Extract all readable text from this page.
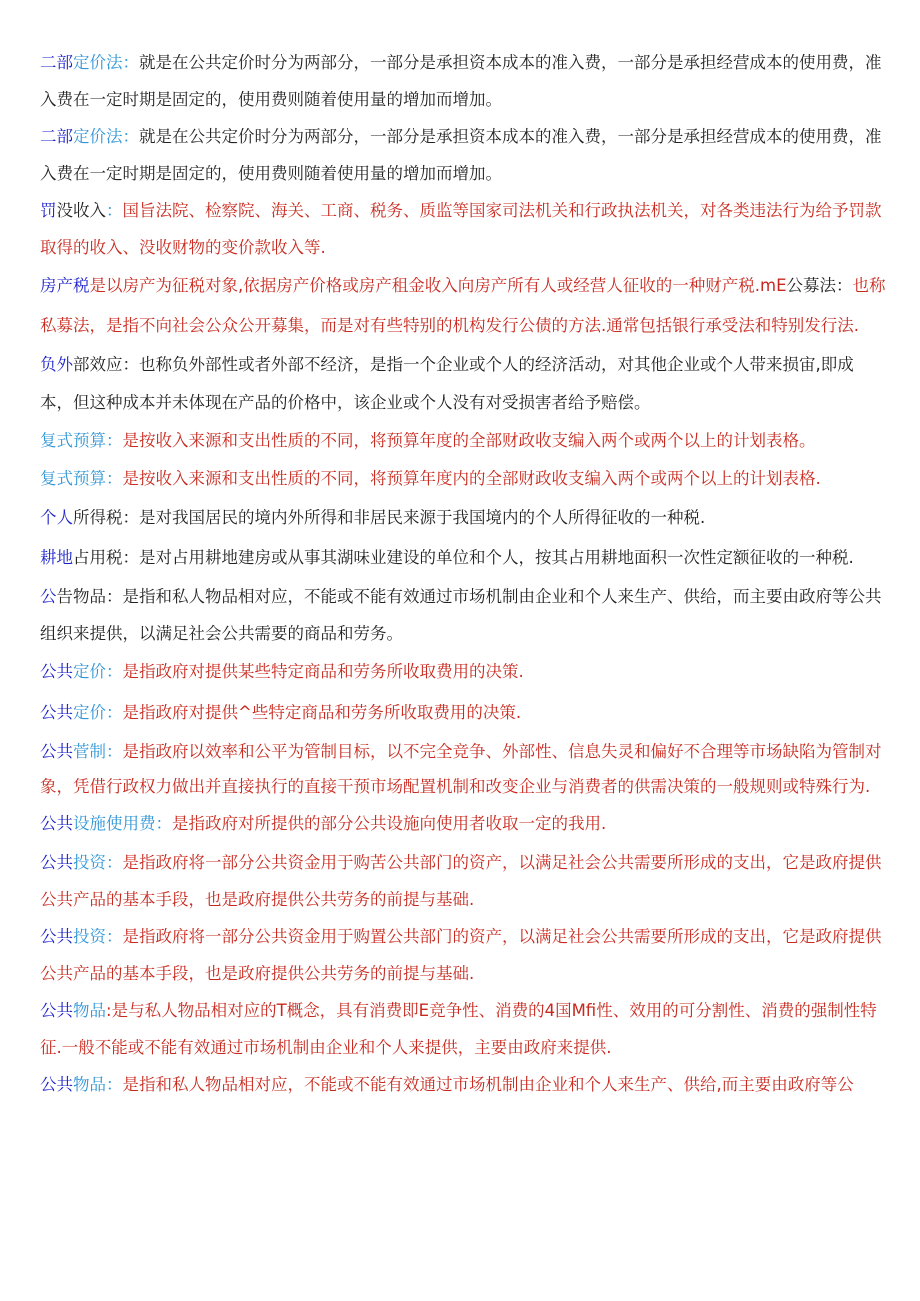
二部定价法：就是在公共定价时分为两部分，一部分是承担资本成本的准入费，一部分是承担经营成本的使用费，准入费在一定时期是固定的，使用费则随着使用量的增加而增加。

二部定价法：就是在公共定价时分为两部分，一部分是承担资本成本的准入费，一部分是承担经营成本的使用费，准入费在一定时期是固定的，使用费则随着使用量的增加而增加。

罚没收入：国旨法院、检察院、海关、工商、税务、质监等国家司法机关和行政执法机关，对各类违法行为给予罚款取得的收入、没收财物的变价款收入等.

房产税是以房产为征税对象,依据房产价格或房产租金收入向房产所有人或经营人征收的一种财产税.mE公募法：也称私募法，是指不向社会公众公开募集，而是对有些特别的机构发行公债的方法.通常包括银行承受法和特别发行法.

负外部效应：也称负外部性或者外部不经济，是指一个企业或个人的经济活动，对其他企业或个人带来损宙,即成本，但这种成本并未体现在产品的价格中，该企业或个人没有对受损害者给予赔偿。

复式预算：是按收入来源和支出性质的不同，将预算年度的全部财政收支编入两个或两个以上的计划表格。

复式预算：是按收入来源和支出性质的不同，将预算年度内的全部财政收支编入两个或两个以上的计划表格.

个人所得税：是对我国居民的境内外所得和非居民来源于我国境内的个人所得征收的一种税.

耕地占用税：是对占用耕地建房或从事其湖味业建设的单位和个人，按其占用耕地面积一次性定额征收的一种税.

公告物品：是指和私人物品相对应，不能或不能有效通过市场机制由企业和个人来生产、供给，而主要由政府等公共组织来提供，以满足社会公共需要的商品和劳务。

公共定价：是指政府对提供某些特定商品和劳务所收取费用的决策.

公共定价：是指政府对提供^些特定商品和劳务所收取费用的决策.

公共菅制：是指政府以效率和公平为管制目标，以不完全竞争、外部性、信息失灵和偏好不合理等市场缺陷为管制对象，凭借行政权力做出并直接执行的直接干预市场配置机制和改变企业与消费者的供需决策的一般规则或特殊行为.

公共设施使用费：是指政府对所提供的部分公共设施向使用者收取一定的我用.

公共投资：是指政府将一部分公共资金用于购苦公共部门的资产，以满足社会公共需要所形成的支出，它是政府提供公共产品的基本手段，也是政府提供公共劳务的前提与基础.

公共投资：是指政府将一部分公共资金用于购置公共部门的资产，以满足社会公共需要所形成的支出，它是政府提供公共产品的基本手段，也是政府提供公共劳务的前提与基础.

公共物品:是与私人物品相对应的T概念，具有消费即E竞争性、消费的4国Mfi性、效用的可分割性、消费的强制性特征.一般不能或不能有效通过市场机制由企业和个人来提供，主要由政府来提供.

公共物品：是指和私人物品相对应，不能或不能有效通过市场机制由企业和个人来生产、供给,而主要由政府等公
